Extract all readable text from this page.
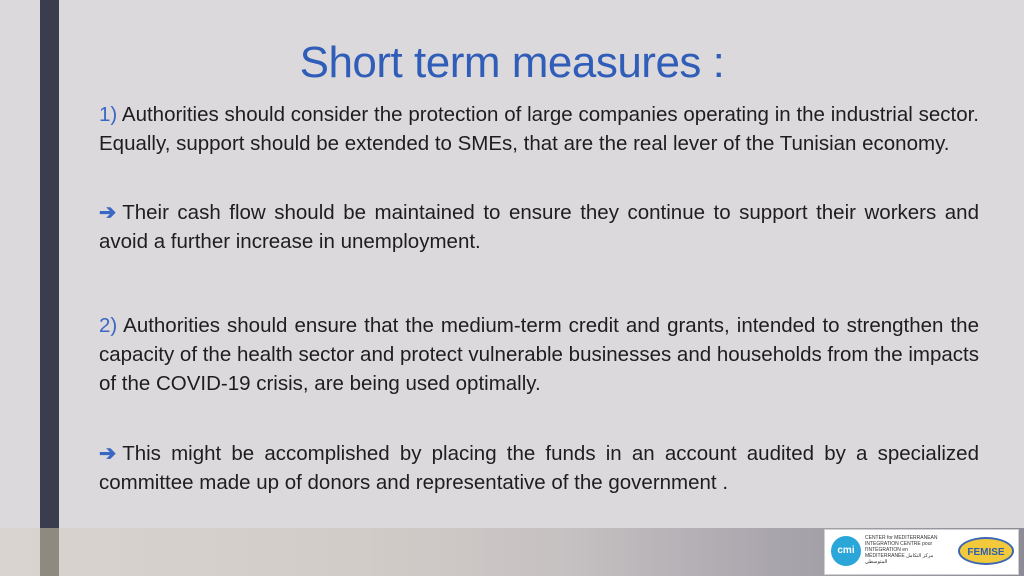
Short term measures :
1) Authorities should consider the protection of large companies operating in the industrial sector. Equally, support should be extended to SMEs, that are the real lever of the Tunisian economy.
➔ Their cash flow should be maintained to ensure they continue to support their workers and avoid a further increase in unemployment.
2) Authorities should ensure that the medium-term credit and grants, intended to strengthen the capacity of the health sector and protect vulnerable businesses and households from the impacts of the COVID-19 crisis, are being used optimally.
➔ This might be accomplished by placing the funds in an account audited by a specialized committee made up of donors and representative of the government .
cmi
CENTER for MEDITERRANEAN INTEGRATION CENTRE pour l'INTÉGRATION en MÉDITERRANÉE مركز التكامل المتوسطي
FEMISE
